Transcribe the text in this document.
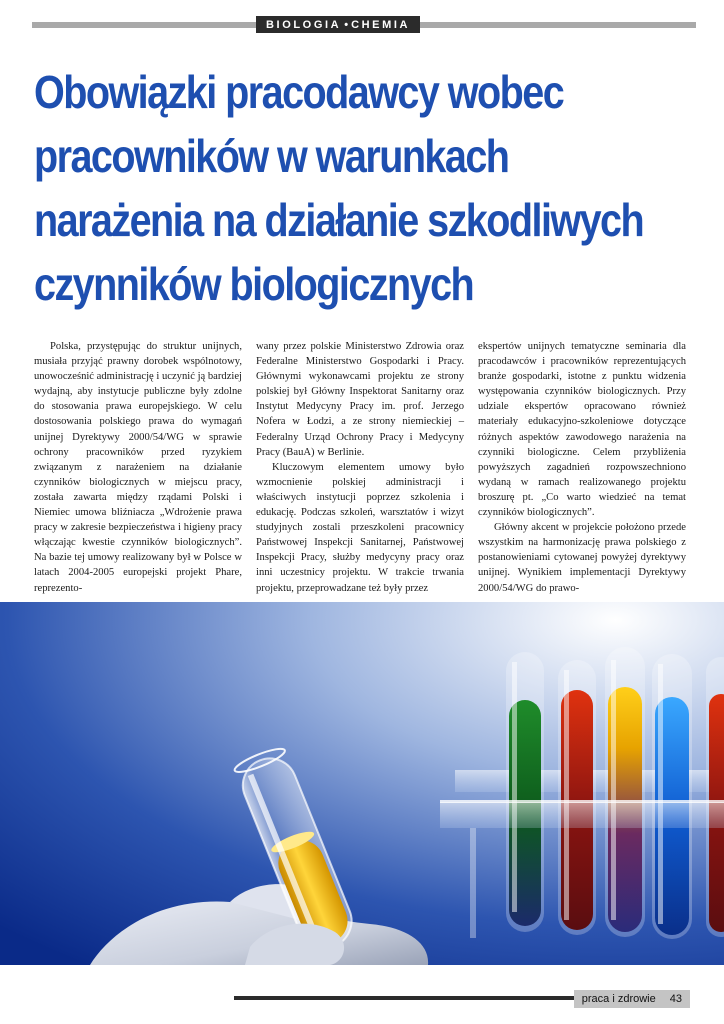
BIOLOGIA • CHEMIA
Obowiązki pracodawcy wobec
pracowników w warunkach
narażenia na działanie szkodliwych
czynników biologicznych

Polska, przystępując do struktur unijnych, musiała przyjąć prawny dorobek wspólnotowy, unowocześnić administrację i uczynić ją bardziej wydajną, aby instytucje publiczne były zdolne do stosowania prawa europejskiego. W celu dostosowania polskiego prawa do wymagań unijnej Dyrektywy 2000/54/WG w sprawie ochrony pracowników przed ryzykiem związanym z narażeniem na działanie czynników biologicznych w miejscu pracy, została zawarta między rządami Polski i Niemiec umowa bliźniacza „Wdrożenie prawa pracy w zakresie bezpieczeństwa i higieny pracy włączając kwestie czynników biologicznych”. Na bazie tej umowy realizowany był w Polsce w latach 2004-2005 europejski projekt Phare, reprezento-

wany przez polskie Ministerstwo Zdrowia oraz Federalne Ministerstwo Gospodarki i Pracy. Głównymi wykonawcami projektu ze strony polskiej był Główny Inspektorat Sanitarny oraz Instytut Medycyny Pracy im. prof. Jerzego Nofera w Łodzi, a ze strony niemieckiej – Federalny Urząd Ochrony Pracy i Medycyny Pracy (BauA) w Berlinie.

Kluczowym elementem umowy było wzmocnienie polskiej administracji i właściwych instytucji poprzez szkolenia i edukację. Podczas szkoleń, warsztatów i wizyt studyjnych zostali przeszkoleni pracownicy Państwowej Inspekcji Sanitarnej, Państwowej Inspekcji Pracy, służby medycyny pracy oraz inni uczestnicy projektu. W trakcie trwania projektu, przeprowadzane też były przez

ekspertów unijnych tematyczne seminaria dla pracodawców i pracowników reprezentujących branże gospodarki, istotne z punktu widzenia występowania czynników biologicznych. Przy udziale ekspertów opracowano również materiały edukacyjno-szkoleniowe dotyczące różnych aspektów zawodowego narażenia na czynniki biologiczne. Celem przybliżenia powyższych zagadnień rozpowszechniono wydaną w ramach realizowanego projektu broszurę pt. „Co warto wiedzieć na temat czynników biologicznych”.

Główny akcent w projekcie położono przede wszystkim na harmonizację prawa polskiego z postanowieniami cytowanej powyżej dyrektywy unijnej. Wynikiem implementacji Dyrektywy 2000/54/WG do prawo-

praca i zdrowie 43
